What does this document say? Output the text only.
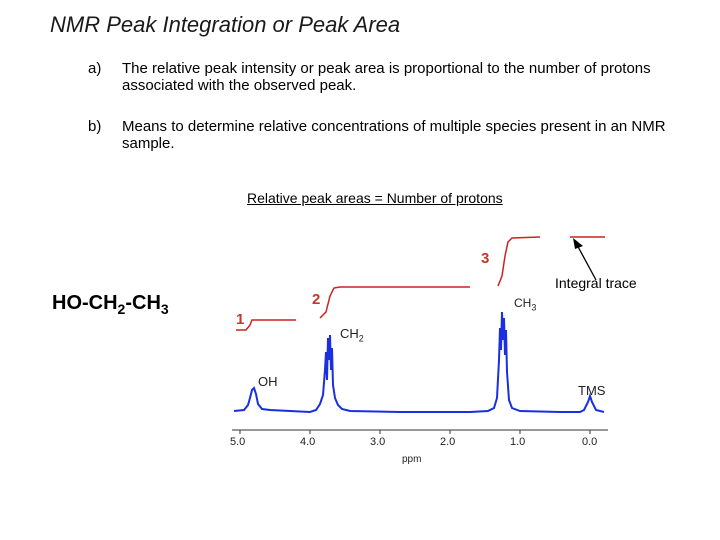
NMR Peak Integration or Peak Area
a) The relative peak intensity or peak area is proportional to the number of protons associated with the observed peak.
b) Means to determine relative concentrations of multiple species present in an NMR sample.
Relative peak areas = Number of protons
$HO-CH_2-CH_3$
5.0	4.0	3.0	2.0	1.0	0.0
ppm
OH
$CH_2$
$CH_3$
TMS
1
2
3
Integral trace
